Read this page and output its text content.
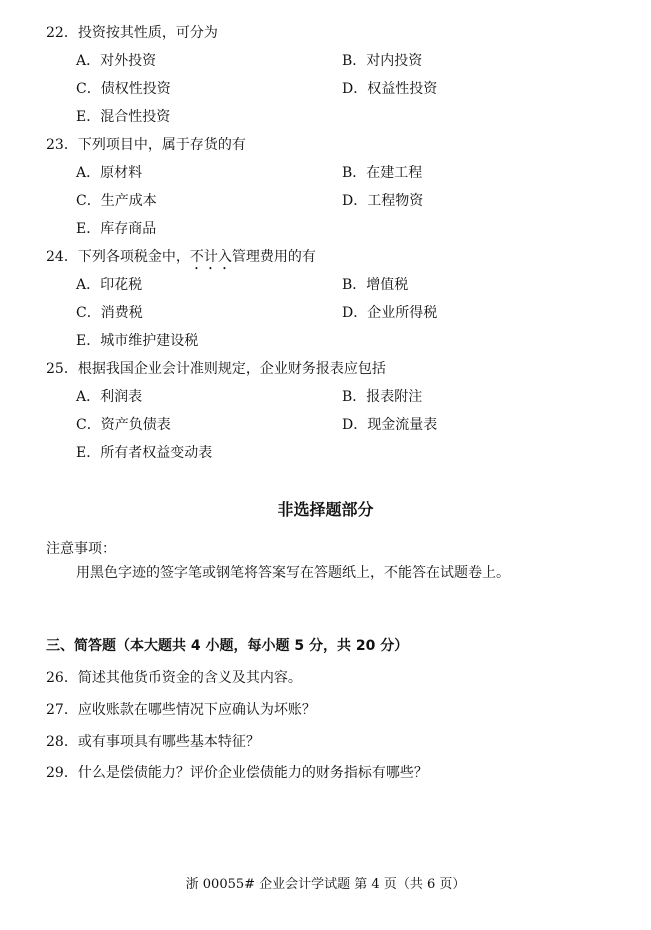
22．投资按其性质，可分为
A．对外投资	B．对内投资
C．债权性投资	D．权益性投资
E．混合性投资
23．下列项目中，属于存货的有
A．原材料	B．在建工程
C．生产成本	D．工程物资
E．库存商品
24．下列各项税金中，不计入管理费用的有
A．印花税	B．增值税
C．消费税	D．企业所得税
E．城市维护建设税
25．根据我国企业会计准则规定，企业财务报表应包括
A．利润表	B．报表附注
C．资产负债表	D．现金流量表
E．所有者权益变动表
非选择题部分
注意事项：
用黑色字迹的签字笔或钢笔将答案写在答题纸上，不能答在试题卷上。
三、简答题（本大题共 4 小题，每小题 5 分，共 20 分）
26．简述其他货币资金的含义及其内容。
27．应收账款在哪些情况下应确认为坏账？
28．或有事项具有哪些基本特征？
29．什么是偿债能力？评价企业偿债能力的财务指标有哪些？
浙 00055# 企业会计学试题 第 4 页（共 6 页）
